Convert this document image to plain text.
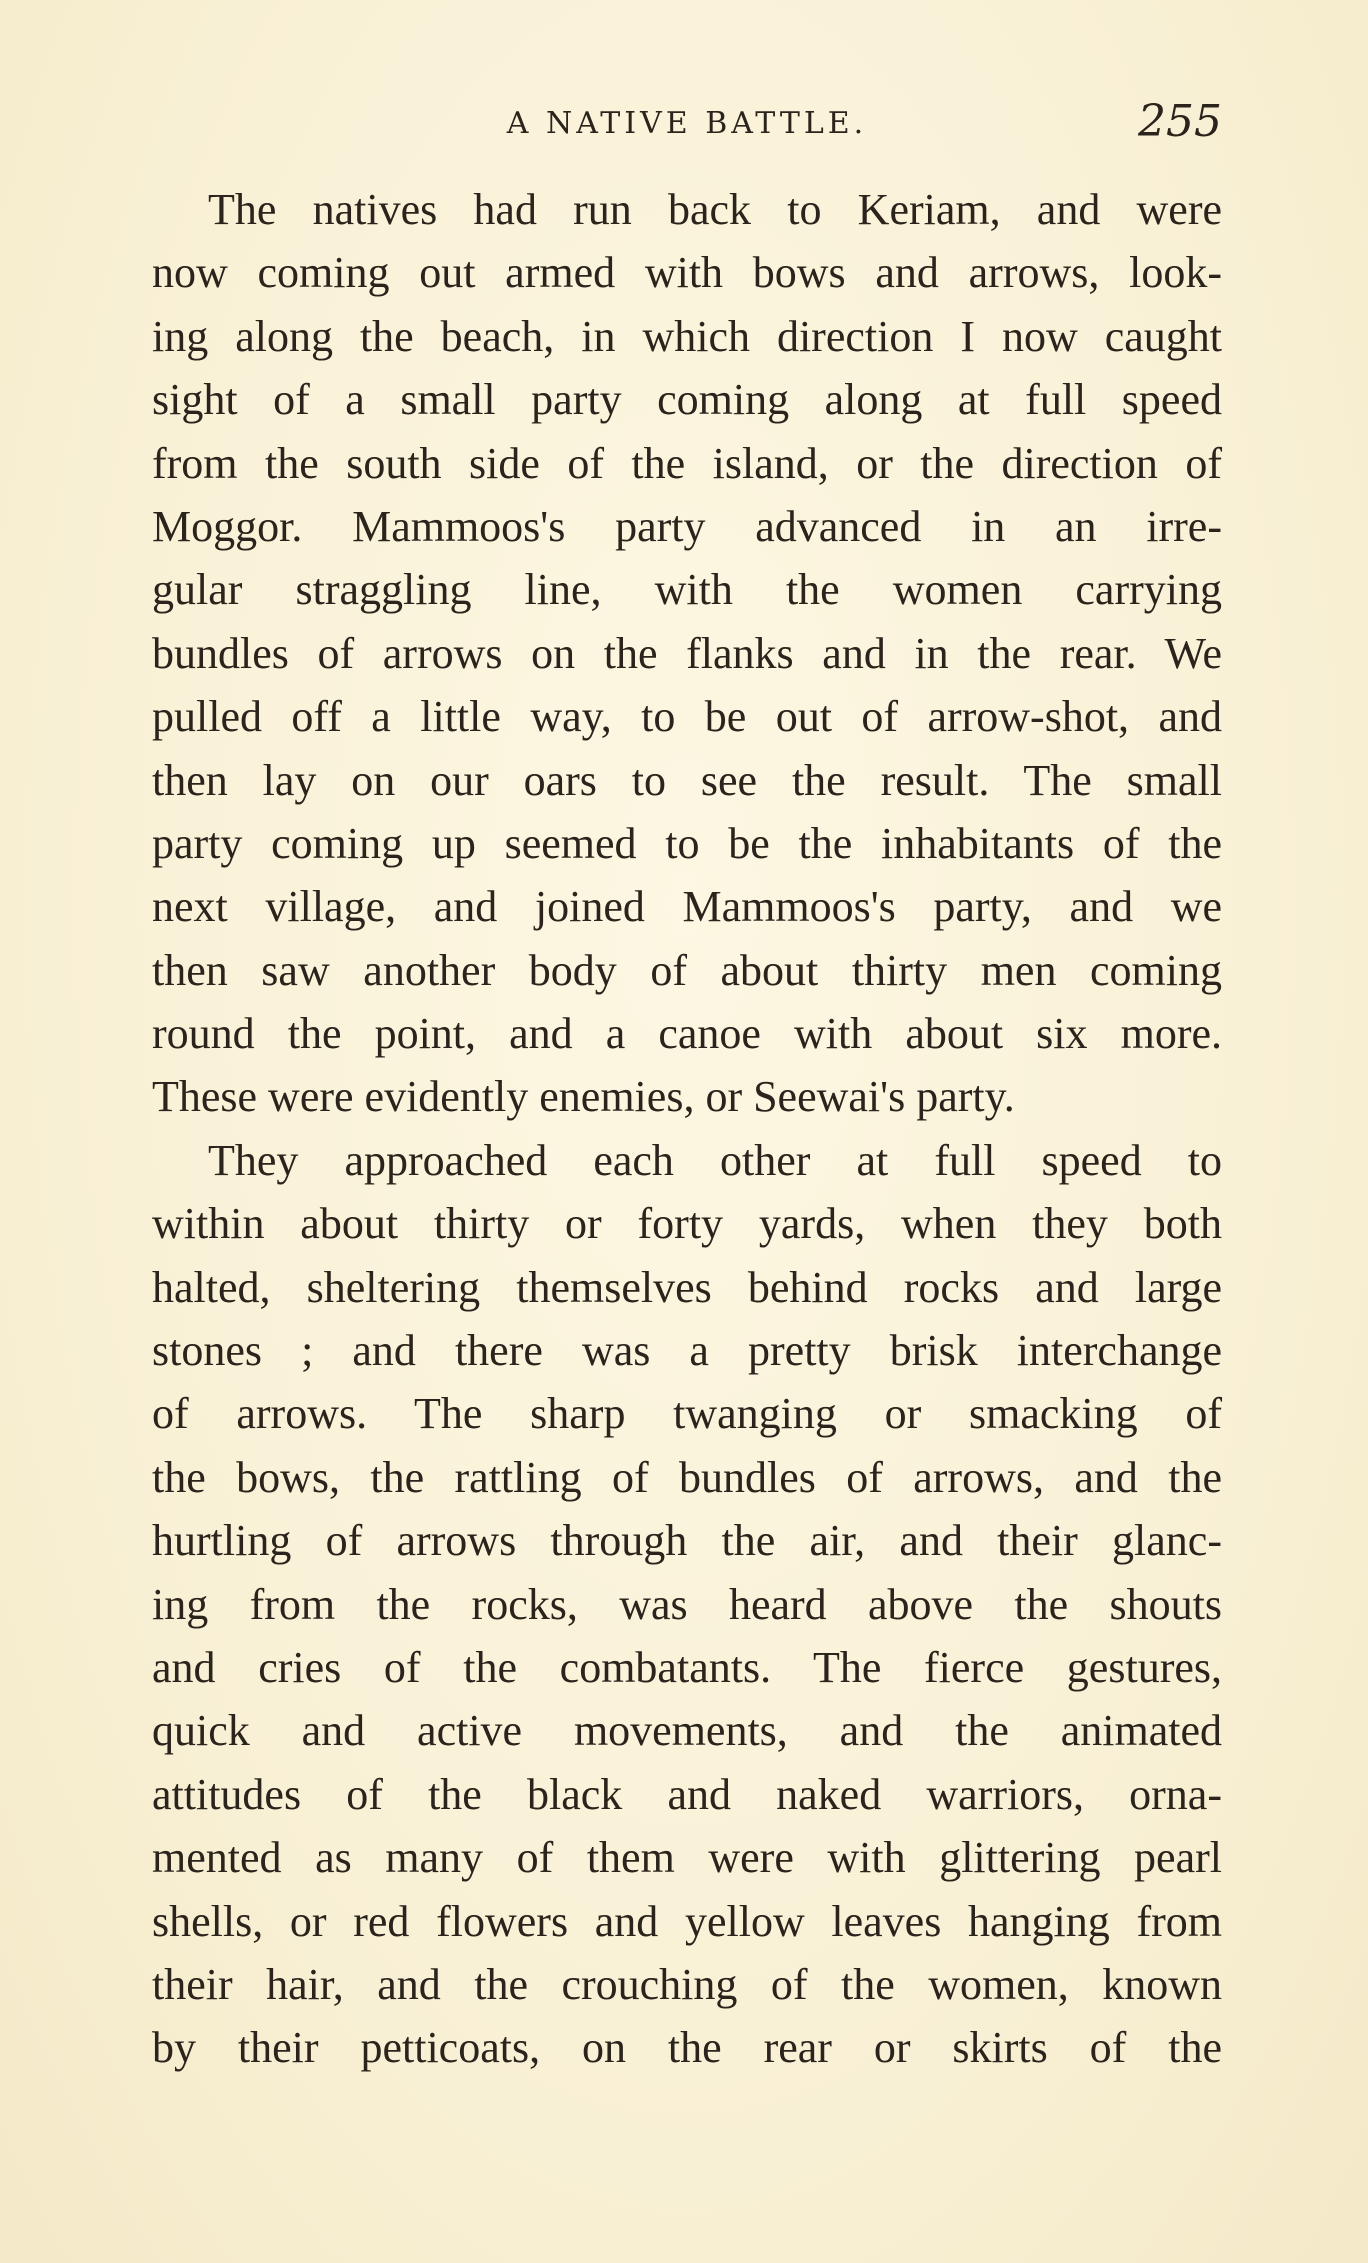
A NATIVE BATTLE.	255
The natives had run back to Keriam, and were
now coming out armed with bows and arrows, look-
ing along the beach, in which direction I now caught
sight of a small party coming along at full speed
from the south side of the island, or the direction of
Moggor. Mammoos's party advanced in an irre-
gular straggling line, with the women carrying
bundles of arrows on the flanks and in the rear. We
pulled off a little way, to be out of arrow-shot, and
then lay on our oars to see the result. The small
party coming up seemed to be the inhabitants of the
next village, and joined Mammoos's party, and we
then saw another body of about thirty men coming
round the point, and a canoe with about six more.
These were evidently enemies, or Seewai's party.
They approached each other at full speed to
within about thirty or forty yards, when they both
halted, sheltering themselves behind rocks and large
stones ; and there was a pretty brisk interchange
of arrows. The sharp twanging or smacking of
the bows, the rattling of bundles of arrows, and the
hurtling of arrows through the air, and their glanc-
ing from the rocks, was heard above the shouts
and cries of the combatants. The fierce gestures,
quick and active movements, and the animated
attitudes of the black and naked warriors, orna-
mented as many of them were with glittering pearl
shells, or red flowers and yellow leaves hanging from
their hair, and the crouching of the women, known
by their petticoats, on the rear or skirts of the
